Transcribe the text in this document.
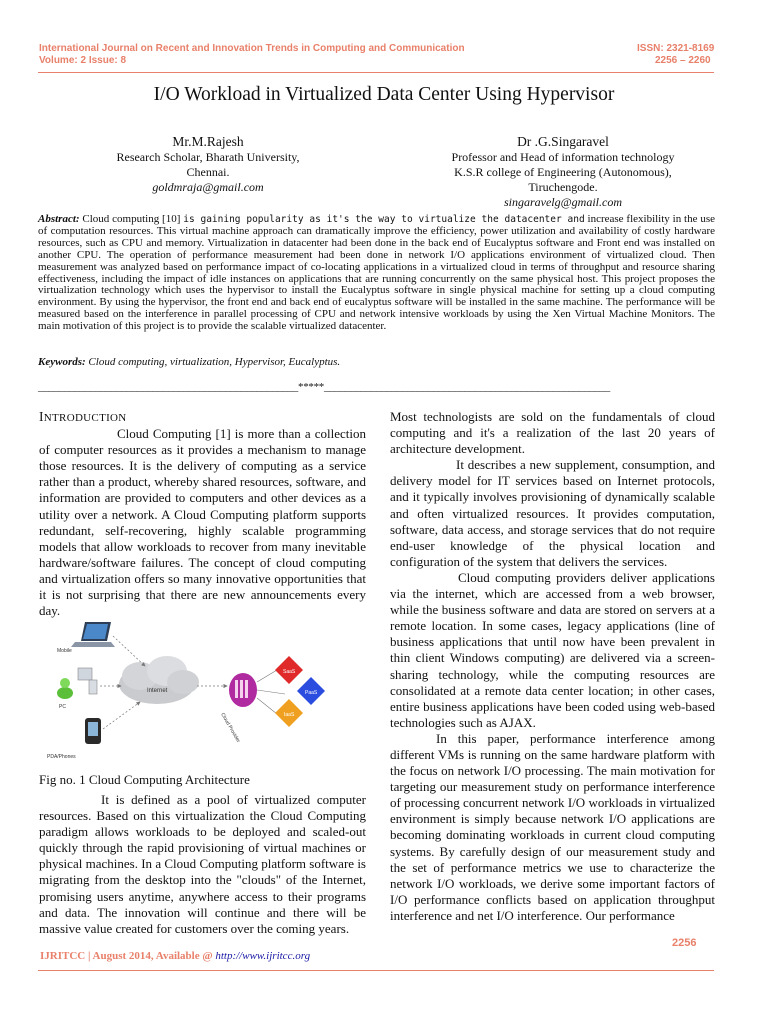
International Journal on Recent and Innovation Trends in Computing and Communication
Volume: 2 Issue: 8
ISSN: 2321-8169
2256 – 2260
I/O Workload in Virtualized Data Center Using Hypervisor
Mr.M.Rajesh
Research Scholar, Bharath University,
Chennai.
goldmraja@gmail.com
Dr .G.Singaravel
Professor and Head of information technology
K.S.R college of Engineering (Autonomous),
Tiruchengode.
singaravelg@gmail.com
Abstract: Cloud computing [10] is gaining popularity as it's the way to virtualize the datacenter and increase flexibility in the use of computation resources. This virtual machine approach can dramatically improve the efficiency, power utilization and availability of costly hardware resources, such as CPU and memory. Virtualization in datacenter had been done in the back end of Eucalyptus software and Front end was installed on another CPU. The operation of performance measurement had been done in network I/O applications environment of virtualized cloud. Then measurement was analyzed based on performance impact of co-locating applications in a virtualized cloud in terms of throughput and resource sharing effectiveness, including the impact of idle instances on applications that are running concurrently on the same physical host. This project proposes the virtualization technology which uses the hypervisor to install the Eucalyptus software in single physical machine for setting up a cloud computing environment. By using the hypervisor, the front end and back end of eucalyptus software will be installed in the same machine. The performance will be measured based on the interference in parallel processing of CPU and network intensive workloads by using the Xen Virtual Machine Monitors. The main motivation of this project is to provide the scalable virtualized datacenter.
Keywords: Cloud computing, virtualization, Hypervisor, Eucalyptus.
__________________________________________________*****_______________________________________________________

INTRODUCTION

Cloud Computing [1] is more than a collection of computer resources as it provides a mechanism to manage those resources. It is the delivery of computing as a service rather than a product, whereby shared resources, software, and information are provided to computers and other devices as a utility over a network. A Cloud Computing platform supports redundant, self-recovering, highly scalable programming models that allow workloads to recover from many inevitable hardware/software failures. The concept of cloud computing and virtualization offers so many innovative opportunities that it is not surprising that there are new announcements every day.

Mobile
PC
PDA/Phones
Internet
Cloud Provider
SaaS
PaaS
IaaS
Fig no. 1 Cloud Computing Architecture

It is defined as a pool of virtualized computer resources. Based on this virtualization the Cloud Computing paradigm allows workloads to be deployed and scaled-out quickly through the rapid provisioning of virtual machines or physical machines. In a Cloud Computing platform software is migrating from the desktop into the "clouds" of the Internet, promising users anytime, anywhere access to their programs and data. The innovation will continue and there will be massive value created for customers over the coming years.

Most technologists are sold on the fundamentals of cloud computing and it's a realization of the last 20 years of architecture development.

It describes a new supplement, consumption, and delivery model for IT services based on Internet protocols, and it typically involves provisioning of dynamically scalable and often virtualized resources. It provides computation, software, data access, and storage services that do not require end-user knowledge of the physical location and configuration of the system that delivers the services.

Cloud computing providers deliver applications via the internet, which are accessed from a web browser, while the business software and data are stored on servers at a remote location. In some cases, legacy applications (line of business applications that until now have been prevalent in thin client Windows computing) are delivered via a screen-sharing technology, while the computing resources are consolidated at a remote data center location; in other cases, entire business applications have been coded using web-based technologies such as AJAX.

In this paper, performance interference among different VMs is running on the same hardware platform with the focus on network I/O processing. The main motivation for targeting our measurement study on performance interference of processing concurrent network I/O workloads in virtualized environment is simply because network I/O applications are becoming dominating workloads in current cloud computing systems. By carefully design of our measurement study and the set of performance metrics we use to characterize the network I/O workloads, we derive some important factors of I/O performance conflicts based on application throughput interference and net I/O interference. Our performance

2256
IJRITCC | August 2014, Available @ http://www.ijritcc.org
